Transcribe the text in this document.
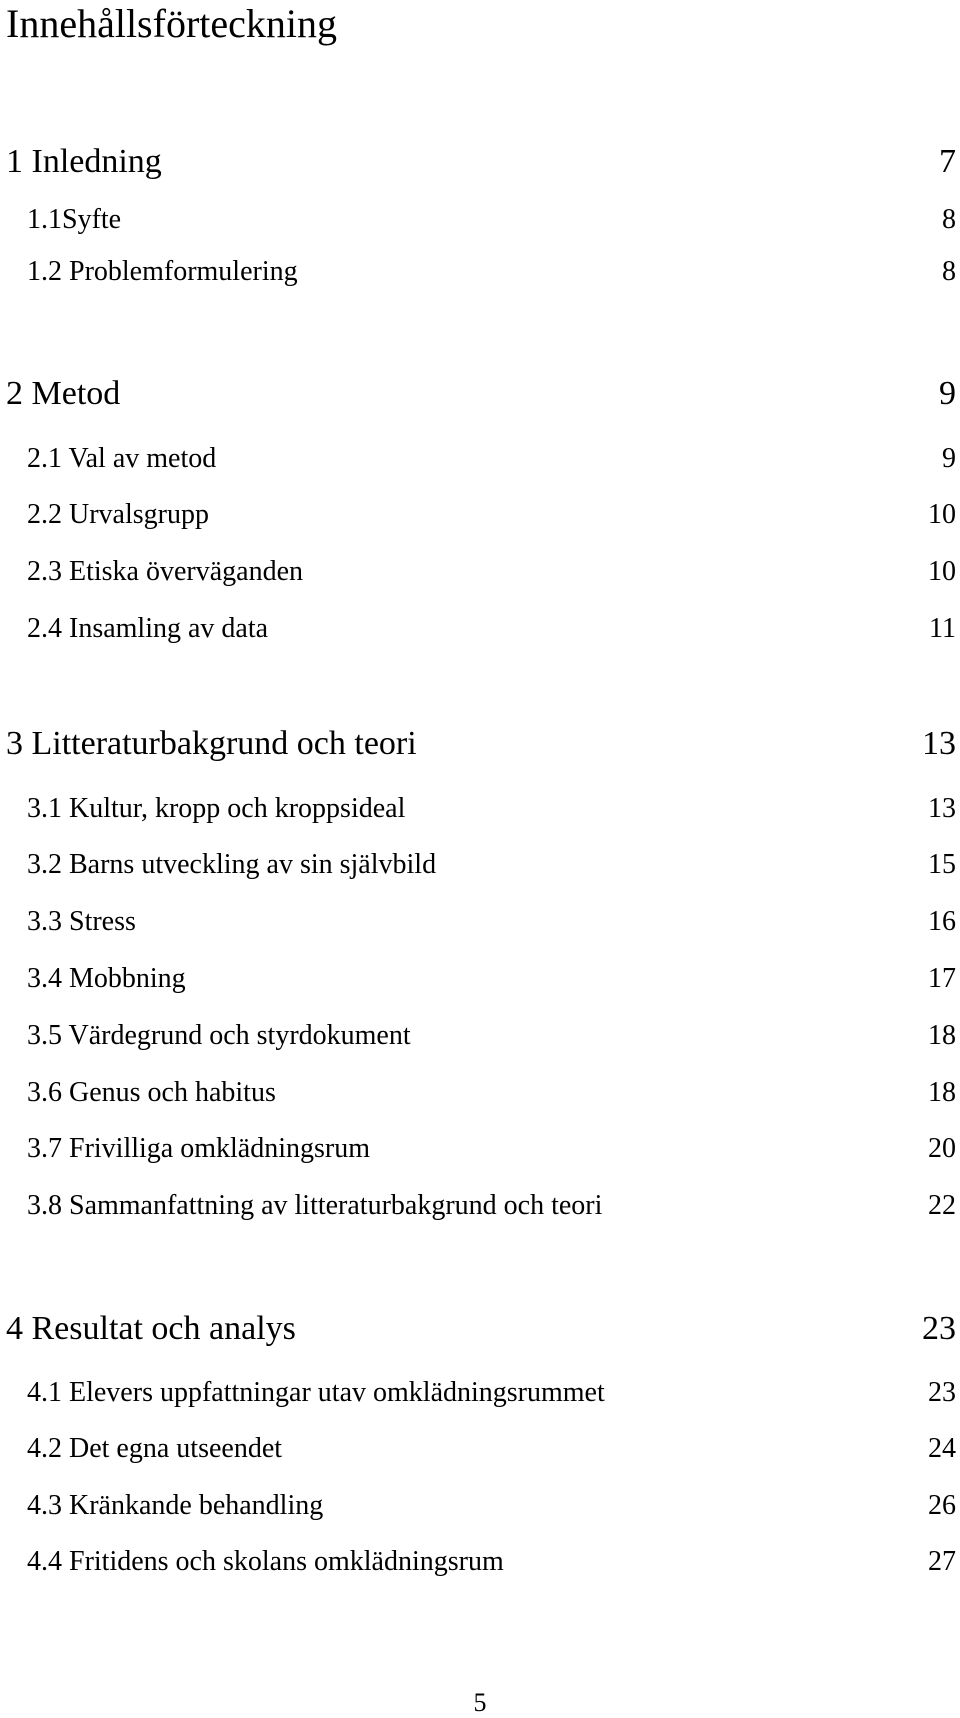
Innehållsförteckning
1 Inledning	7
1.1Syfte	8
1.2 Problemformulering	8
2 Metod	9
2.1 Val av metod	9
2.2 Urvalsgrupp	10
2.3 Etiska överväganden	10
2.4 Insamling av data	11
3 Litteraturbakgrund och teori	13
3.1 Kultur, kropp och kroppsideal	13
3.2 Barns utveckling av sin självbild	15
3.3 Stress	16
3.4 Mobbning	17
3.5 Värdegrund och styrdokument	18
3.6 Genus och habitus	18
3.7 Frivilliga omklädningsrum	20
3.8 Sammanfattning av litteraturbakgrund och teori	22
4 Resultat och analys	23
4.1 Elevers uppfattningar utav omklädningsrummet	23
4.2 Det egna utseendet	24
4.3 Kränkande behandling	26
4.4 Fritidens och skolans omklädningsrum	27
5
